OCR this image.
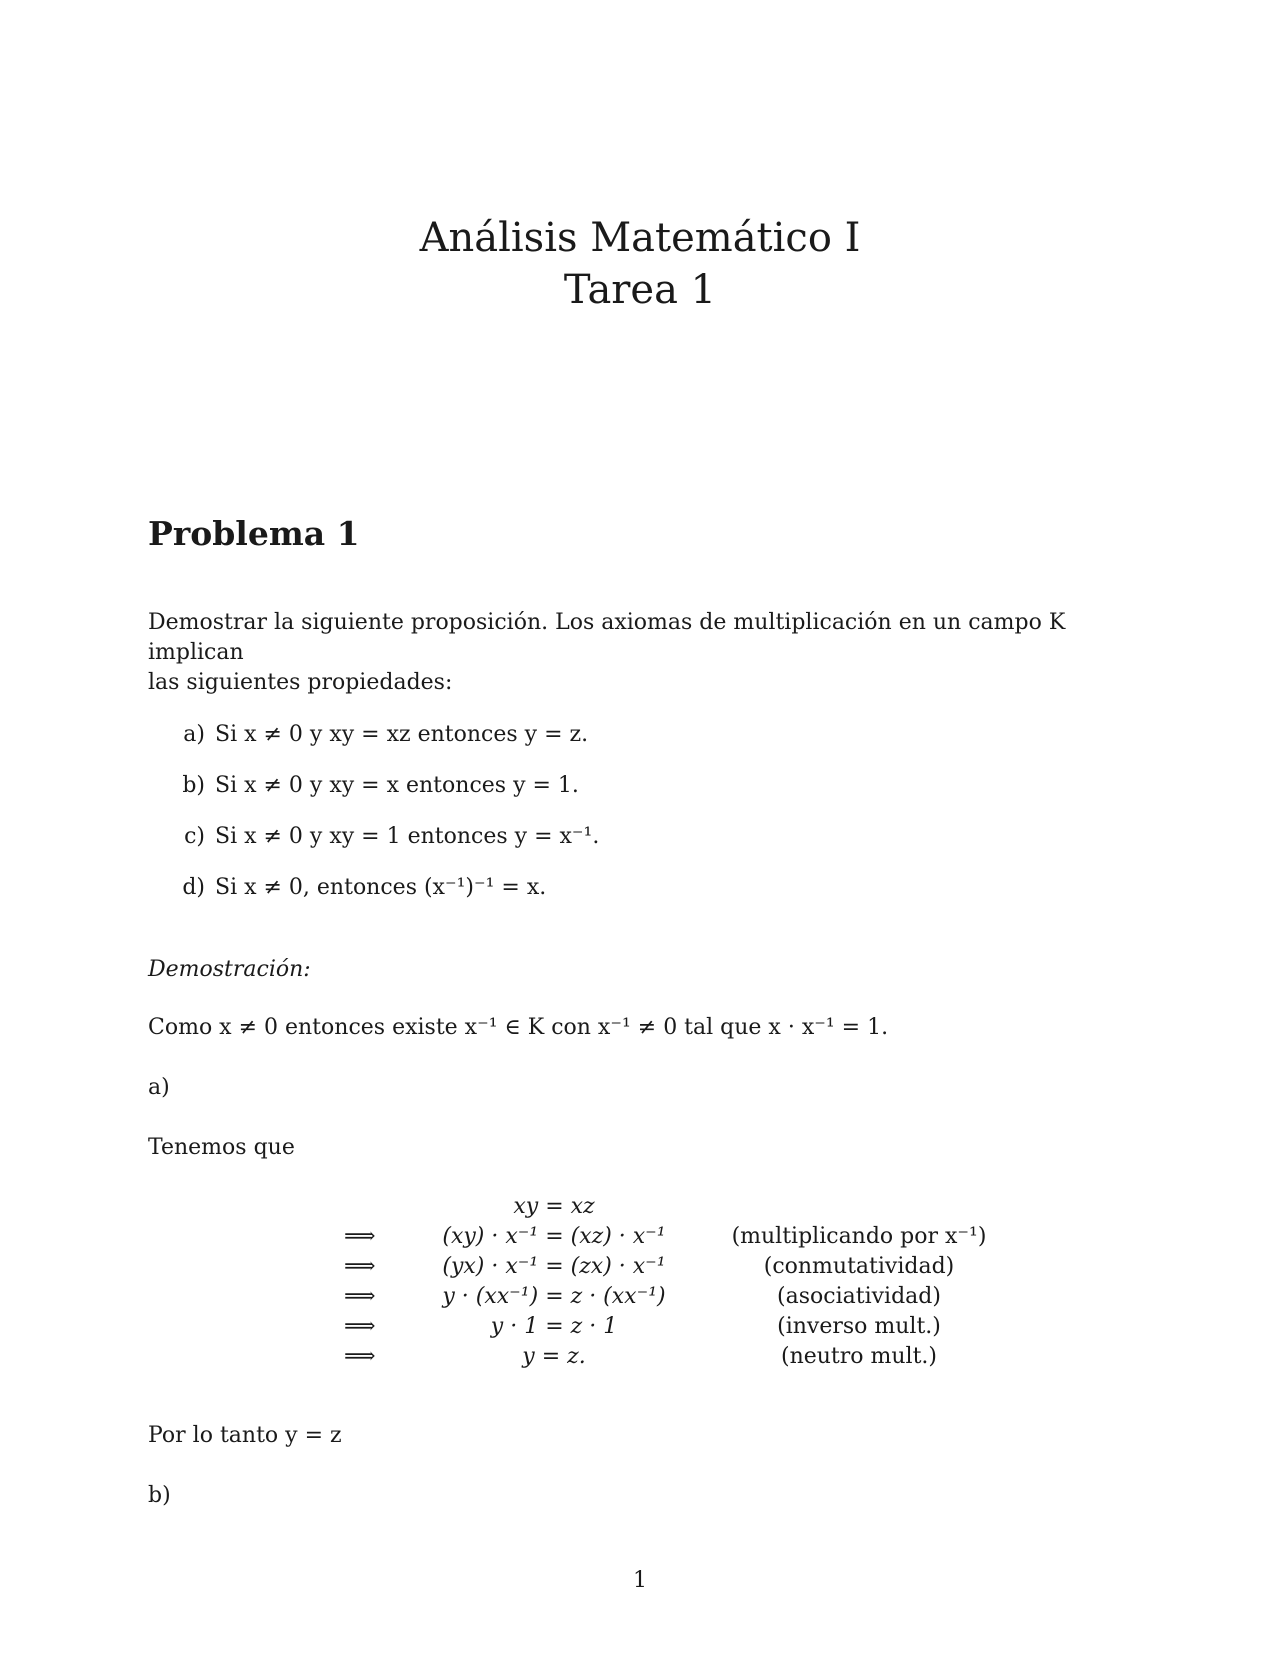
Análisis Matemático I
Tarea 1
Problema 1
Demostrar la siguiente proposición. Los axiomas de multiplicación en un campo K implican
las siguientes propiedades:
a) Si x ≠ 0 y xy = xz entonces y = z.
b) Si x ≠ 0 y xy = x entonces y = 1.
c) Si x ≠ 0 y xy = 1 entonces y = x⁻¹.
d) Si x ≠ 0, entonces (x⁻¹)⁻¹ = x.
Demostración:
Como x ≠ 0 entonces existe x⁻¹ ∈ K con x⁻¹ ≠ 0 tal que x · x⁻¹ = 1.
a)
Tenemos que
	xy = xz	
⟹	(xy) · x⁻¹ = (xz) · x⁻¹	(multiplicando por x⁻¹)
⟹	(yx) · x⁻¹ = (zx) · x⁻¹	(conmutatividad)
⟹	y · (xx⁻¹) = z · (xx⁻¹)	(asociatividad)
⟹	y · 1 = z · 1	(inverso mult.)
⟹	y = z.	(neutro mult.)
Por lo tanto y = z
b)
1
